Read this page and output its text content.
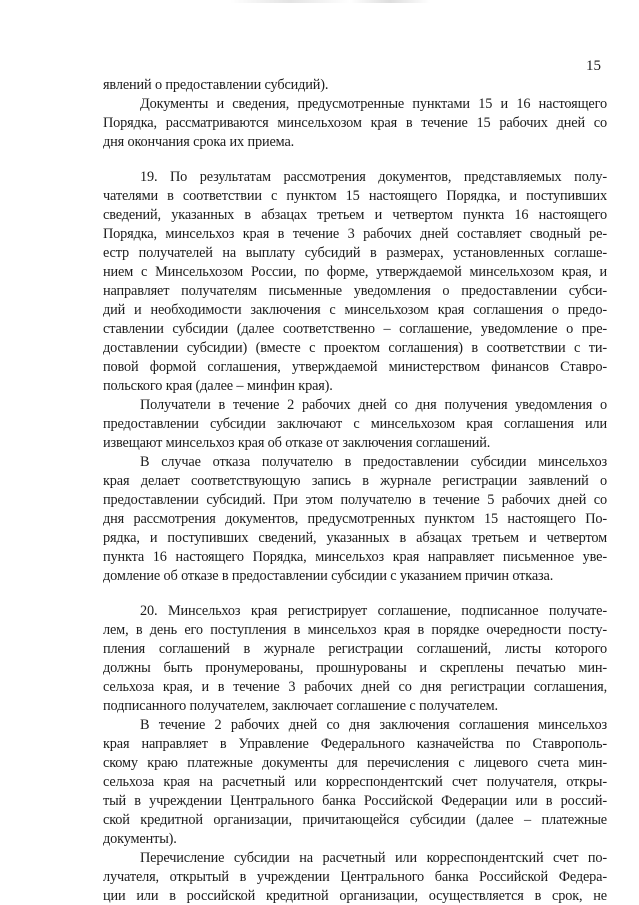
15
явлений о предоставлении субсидий).
Документы и сведения, предусмотренные пунктами 15 и 16 настоящего
Порядка, рассматриваются минсельхозом края в течение 15 рабочих дней со
дня окончания срока их приема.
19. По результатам рассмотрения документов, представляемых полу-
чателями в соответствии с пунктом 15 настоящего Порядка, и поступивших
сведений, указанных в абзацах третьем и четвертом пункта 16 настоящего
Порядка, минсельхоз края в течение 3 рабочих дней составляет сводный ре-
естр получателей на выплату субсидий в размерах, установленных соглаше-
нием с Минсельхозом России, по форме, утверждаемой минсельхозом края, и
направляет получателям письменные уведомления о предоставлении субси-
дий и необходимости заключения с минсельхозом края соглашения о предо-
ставлении субсидии (далее соответственно – соглашение, уведомление о пре-
доставлении субсидии) (вместе с проектом соглашения) в соответствии с ти-
повой формой соглашения, утверждаемой министерством финансов Ставро-
польского края (далее – минфин края).
Получатели в течение 2 рабочих дней со дня получения уведомления о
предоставлении субсидии заключают с минсельхозом края соглашения или
извещают минсельхоз края об отказе от заключения соглашений.
В случае отказа получателю в предоставлении субсидии минсельхоз
края делает соответствующую запись в журнале регистрации заявлений о
предоставлении субсидий. При этом получателю в течение 5 рабочих дней со
дня рассмотрения документов, предусмотренных пунктом 15 настоящего По-
рядка, и поступивших сведений, указанных в абзацах третьем и четвертом
пункта 16 настоящего Порядка, минсельхоз края направляет письменное уве-
домление об отказе в предоставлении субсидии с указанием причин отказа.
20. Минсельхоз края регистрирует соглашение, подписанное получате-
лем, в день его поступления в минсельхоз края в порядке очередности посту-
пления соглашений в журнале регистрации соглашений, листы которого
должны быть пронумерованы, прошнурованы и скреплены печатью мин-
сельхоза края, и в течение 3 рабочих дней со дня регистрации соглашения,
подписанного получателем, заключает соглашение с получателем.
В течение 2 рабочих дней со дня заключения соглашения минсельхоз
края направляет в Управление Федерального казначейства по Ставрополь-
скому краю платежные документы для перечисления с лицевого счета мин-
сельхоза края на расчетный или корреспондентский счет получателя, откры-
тый в учреждении Центрального банка Российской Федерации или в россий-
ской кредитной организации, причитающейся субсидии (далее – платежные
документы).
Перечисление субсидии на расчетный или корреспондентский счет по-
лучателя, открытый в учреждении Центрального банка Российской Федера-
ции или в российской кредитной организации, осуществляется в срок, не
